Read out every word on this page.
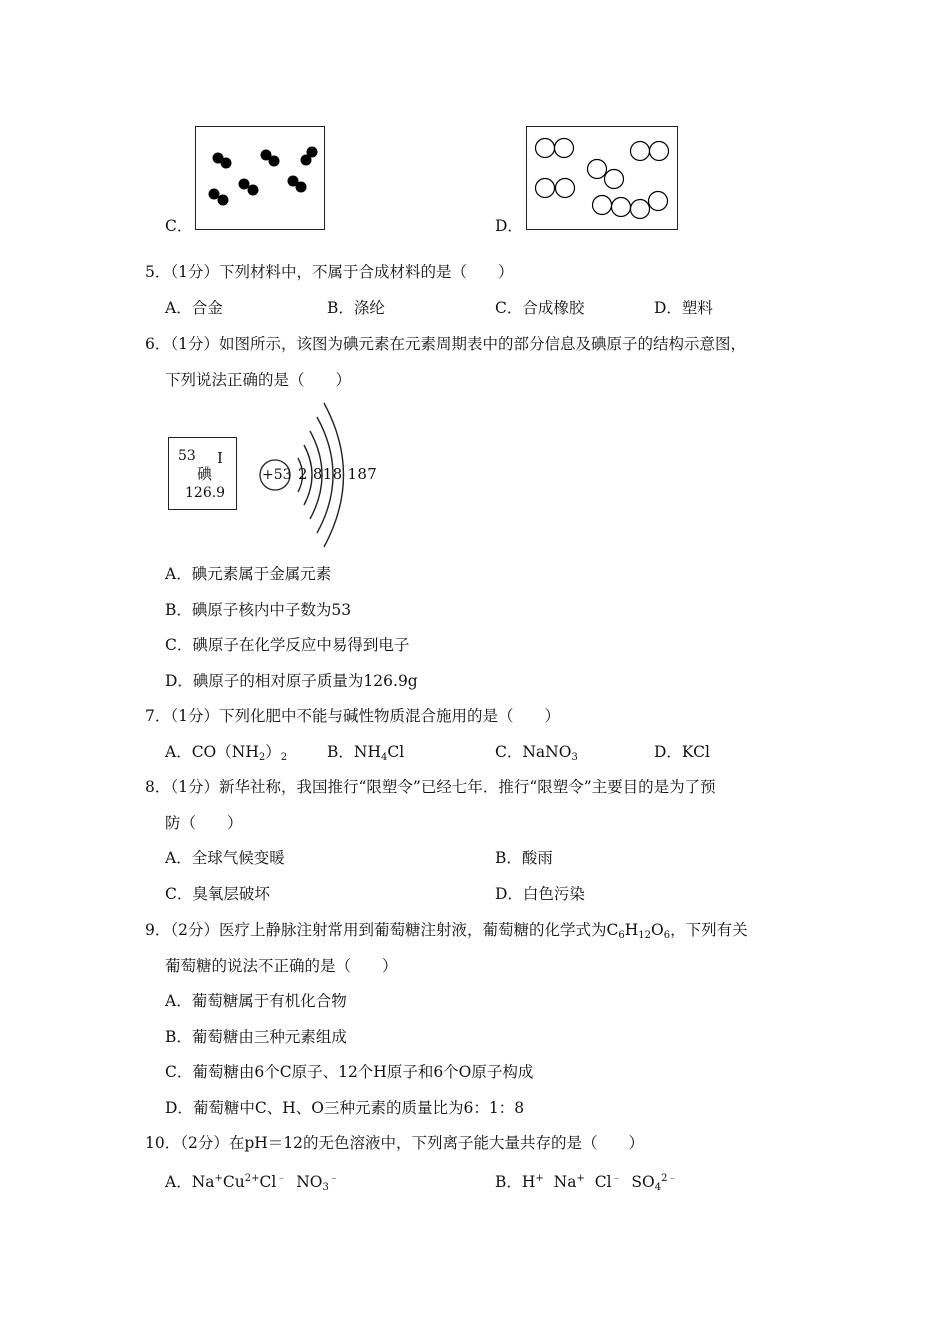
C．	D．
5．（1分）下列材料中，不属于合成材料的是（　　）
A．合金	B．涤纶	C．合成橡胶	D．塑料
6．（1分）如图所示，该图为碘元素在元素周期表中的部分信息及碘原子的结构示意图，
下列说法正确的是（　　）
53 I
碘
126.9
+53 2 818 187
A．碘元素属于金属元素
B．碘原子核内中子数为53
C．碘原子在化学反应中易得到电子
D．碘原子的相对原子质量为126.9g
7．（1分）下列化肥中不能与碱性物质混合施用的是（　　）
A．$CO(NH_2)_2$	B．$NH_4Cl$	C．NaNO$_3$	D．KCl
8．（1分）新华社称，我国推行“限塑令”已经七年．推行“限塑令”主要目的是为了预
防（　　）
A．全球气候变暖	B．酸雨
C．臭氧层破坏	D．白色污染
9．（2分）医疗上静脉注射常用到葡萄糖注射液，葡萄糖的化学式为$C_6H_{12}O_6$，下列有关
葡萄糖的说法不正确的是（　　）
A．葡萄糖属于有机化合物
B．葡萄糖由三种元素组成
C．葡萄糖由6个C原子、12个H原子和6个O原子构成
D．葡萄糖中C、H、O三种元素的质量比为6：1：8
10．（2分）在pH＝12的无色溶液中，下列离子能大量共存的是（　　）
A．$Na^+Cu^{2+}Cl^﹣$ $NO_3^﹣$	B．H+ Na+ Cl﹣ $SO_4^{2﹣}$
